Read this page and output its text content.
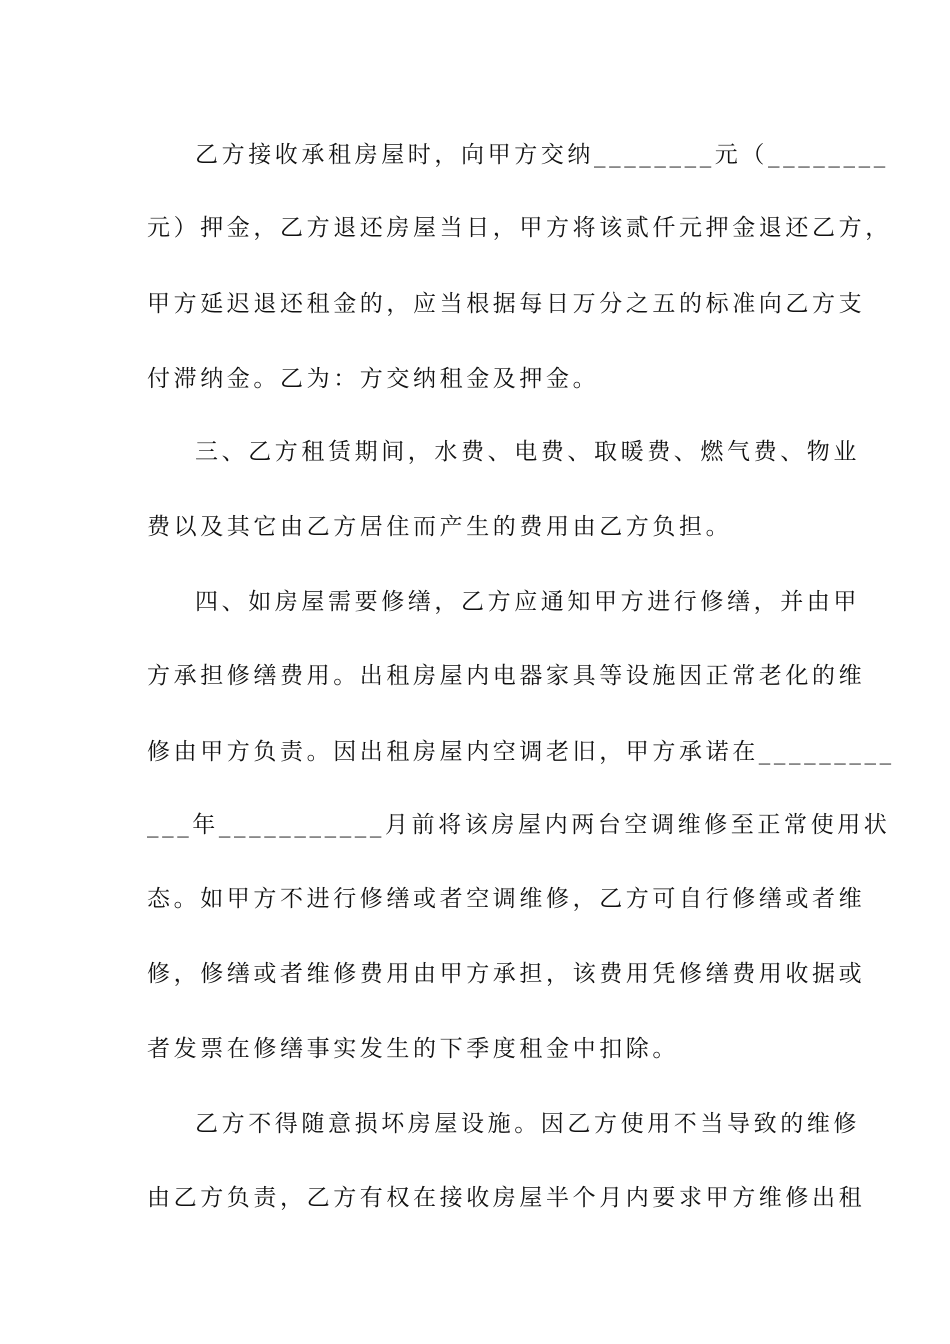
乙方接收承租房屋时，向甲方交纳________元（________
元）押金，乙方退还房屋当日，甲方将该贰仟元押金退还乙方，
甲方延迟退还租金的，应当根据每日万分之五的标准向乙方支
付滞纳金。乙为：方交纳租金及押金。
三、乙方租赁期间，水费、电费、取暖费、燃气费、物业
费以及其它由乙方居住而产生的费用由乙方负担。
四、如房屋需要修缮，乙方应通知甲方进行修缮，并由甲
方承担修缮费用。出租房屋内电器家具等设施因正常老化的维
修由甲方负责。因出租房屋内空调老旧，甲方承诺在_________
___年___________月前将该房屋内两台空调维修至正常使用状
态。如甲方不进行修缮或者空调维修，乙方可自行修缮或者维
修，修缮或者维修费用由甲方承担，该费用凭修缮费用收据或
者发票在修缮事实发生的下季度租金中扣除。
乙方不得随意损坏房屋设施。因乙方使用不当导致的维修
由乙方负责，乙方有权在接收房屋半个月内要求甲方维修出租
